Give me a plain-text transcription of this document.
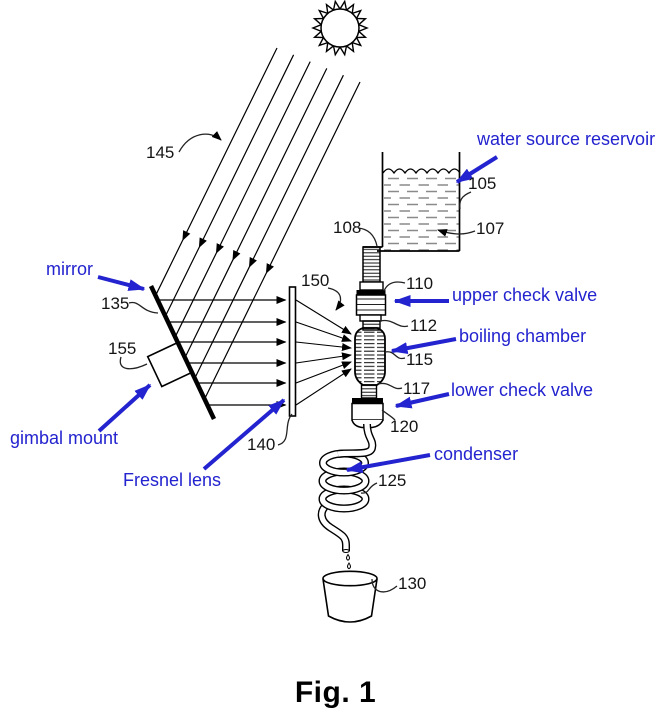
water source reservoir
upper check valve
boiling chamber
lower check valve
condenser
mirror
gimbal mount
Fresnel lens
145
135
155
140
150
108
105
107
110
112
115
117
120
125
130
Fig. 1
